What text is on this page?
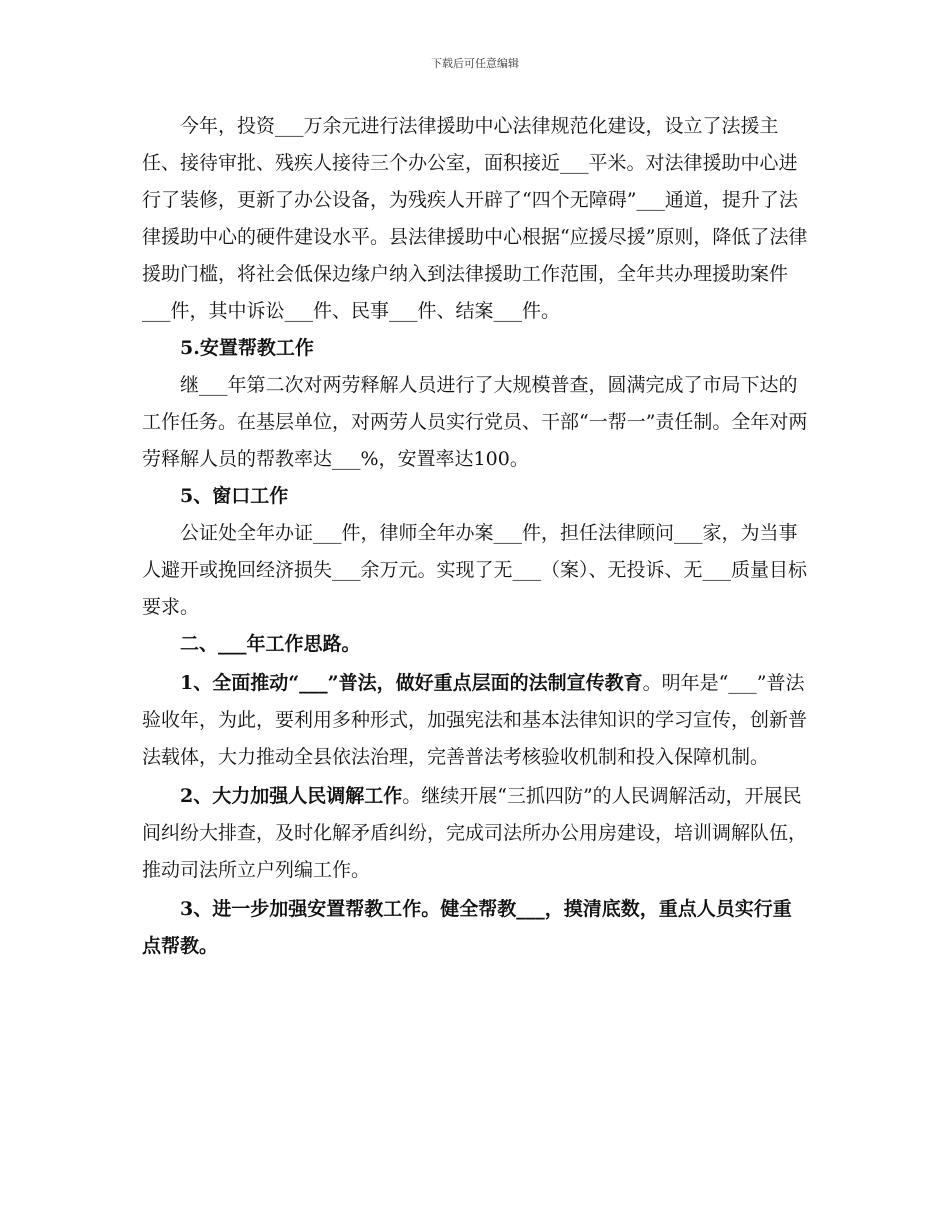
下载后可任意编辑

今年，投资___万余元进行法律援助中心法律规范化建设，设立了法援主任、接待审批、残疾人接待三个办公室，面积接近___平米。对法律援助中心进行了装修，更新了办公设备，为残疾人开辟了“四个无障碍”___通道，提升了法律援助中心的硬件建设水平。县法律援助中心根据“应援尽援”原则，降低了法律援助门槛，将社会低保边缘户纳入到法律援助工作范围，全年共办理援助案件___件，其中诉讼___件、民事___件、结案___件。

5.安置帮教工作

继___年第二次对两劳释解人员进行了大规模普查，圆满完成了市局下达的工作任务。在基层单位，对两劳人员实行党员、干部“一帮一”责任制。全年对两劳释解人员的帮教率达___%，安置率达100。

5、窗口工作

公证处全年办证___件，律师全年办案___件，担任法律顾问___家，为当事人避开或挽回经济损失___余万元。实现了无___（案）、无投诉、无___质量目标要求。

二、___年工作思路。

1、全面推动“___”普法，做好重点层面的法制宣传教育。明年是“___”普法验收年，为此，要利用多种形式，加强宪法和基本法律知识的学习宣传，创新普法载体，大力推动全县依法治理，完善普法考核验收机制和投入保障机制。

2、大力加强人民调解工作。继续开展“三抓四防”的人民调解活动，开展民间纠纷大排查，及时化解矛盾纠纷，完成司法所办公用房建设，培训调解队伍，推动司法所立户列编工作。

3、进一步加强安置帮教工作。健全帮教___，摸清底数，重点人员实行重点帮教。
